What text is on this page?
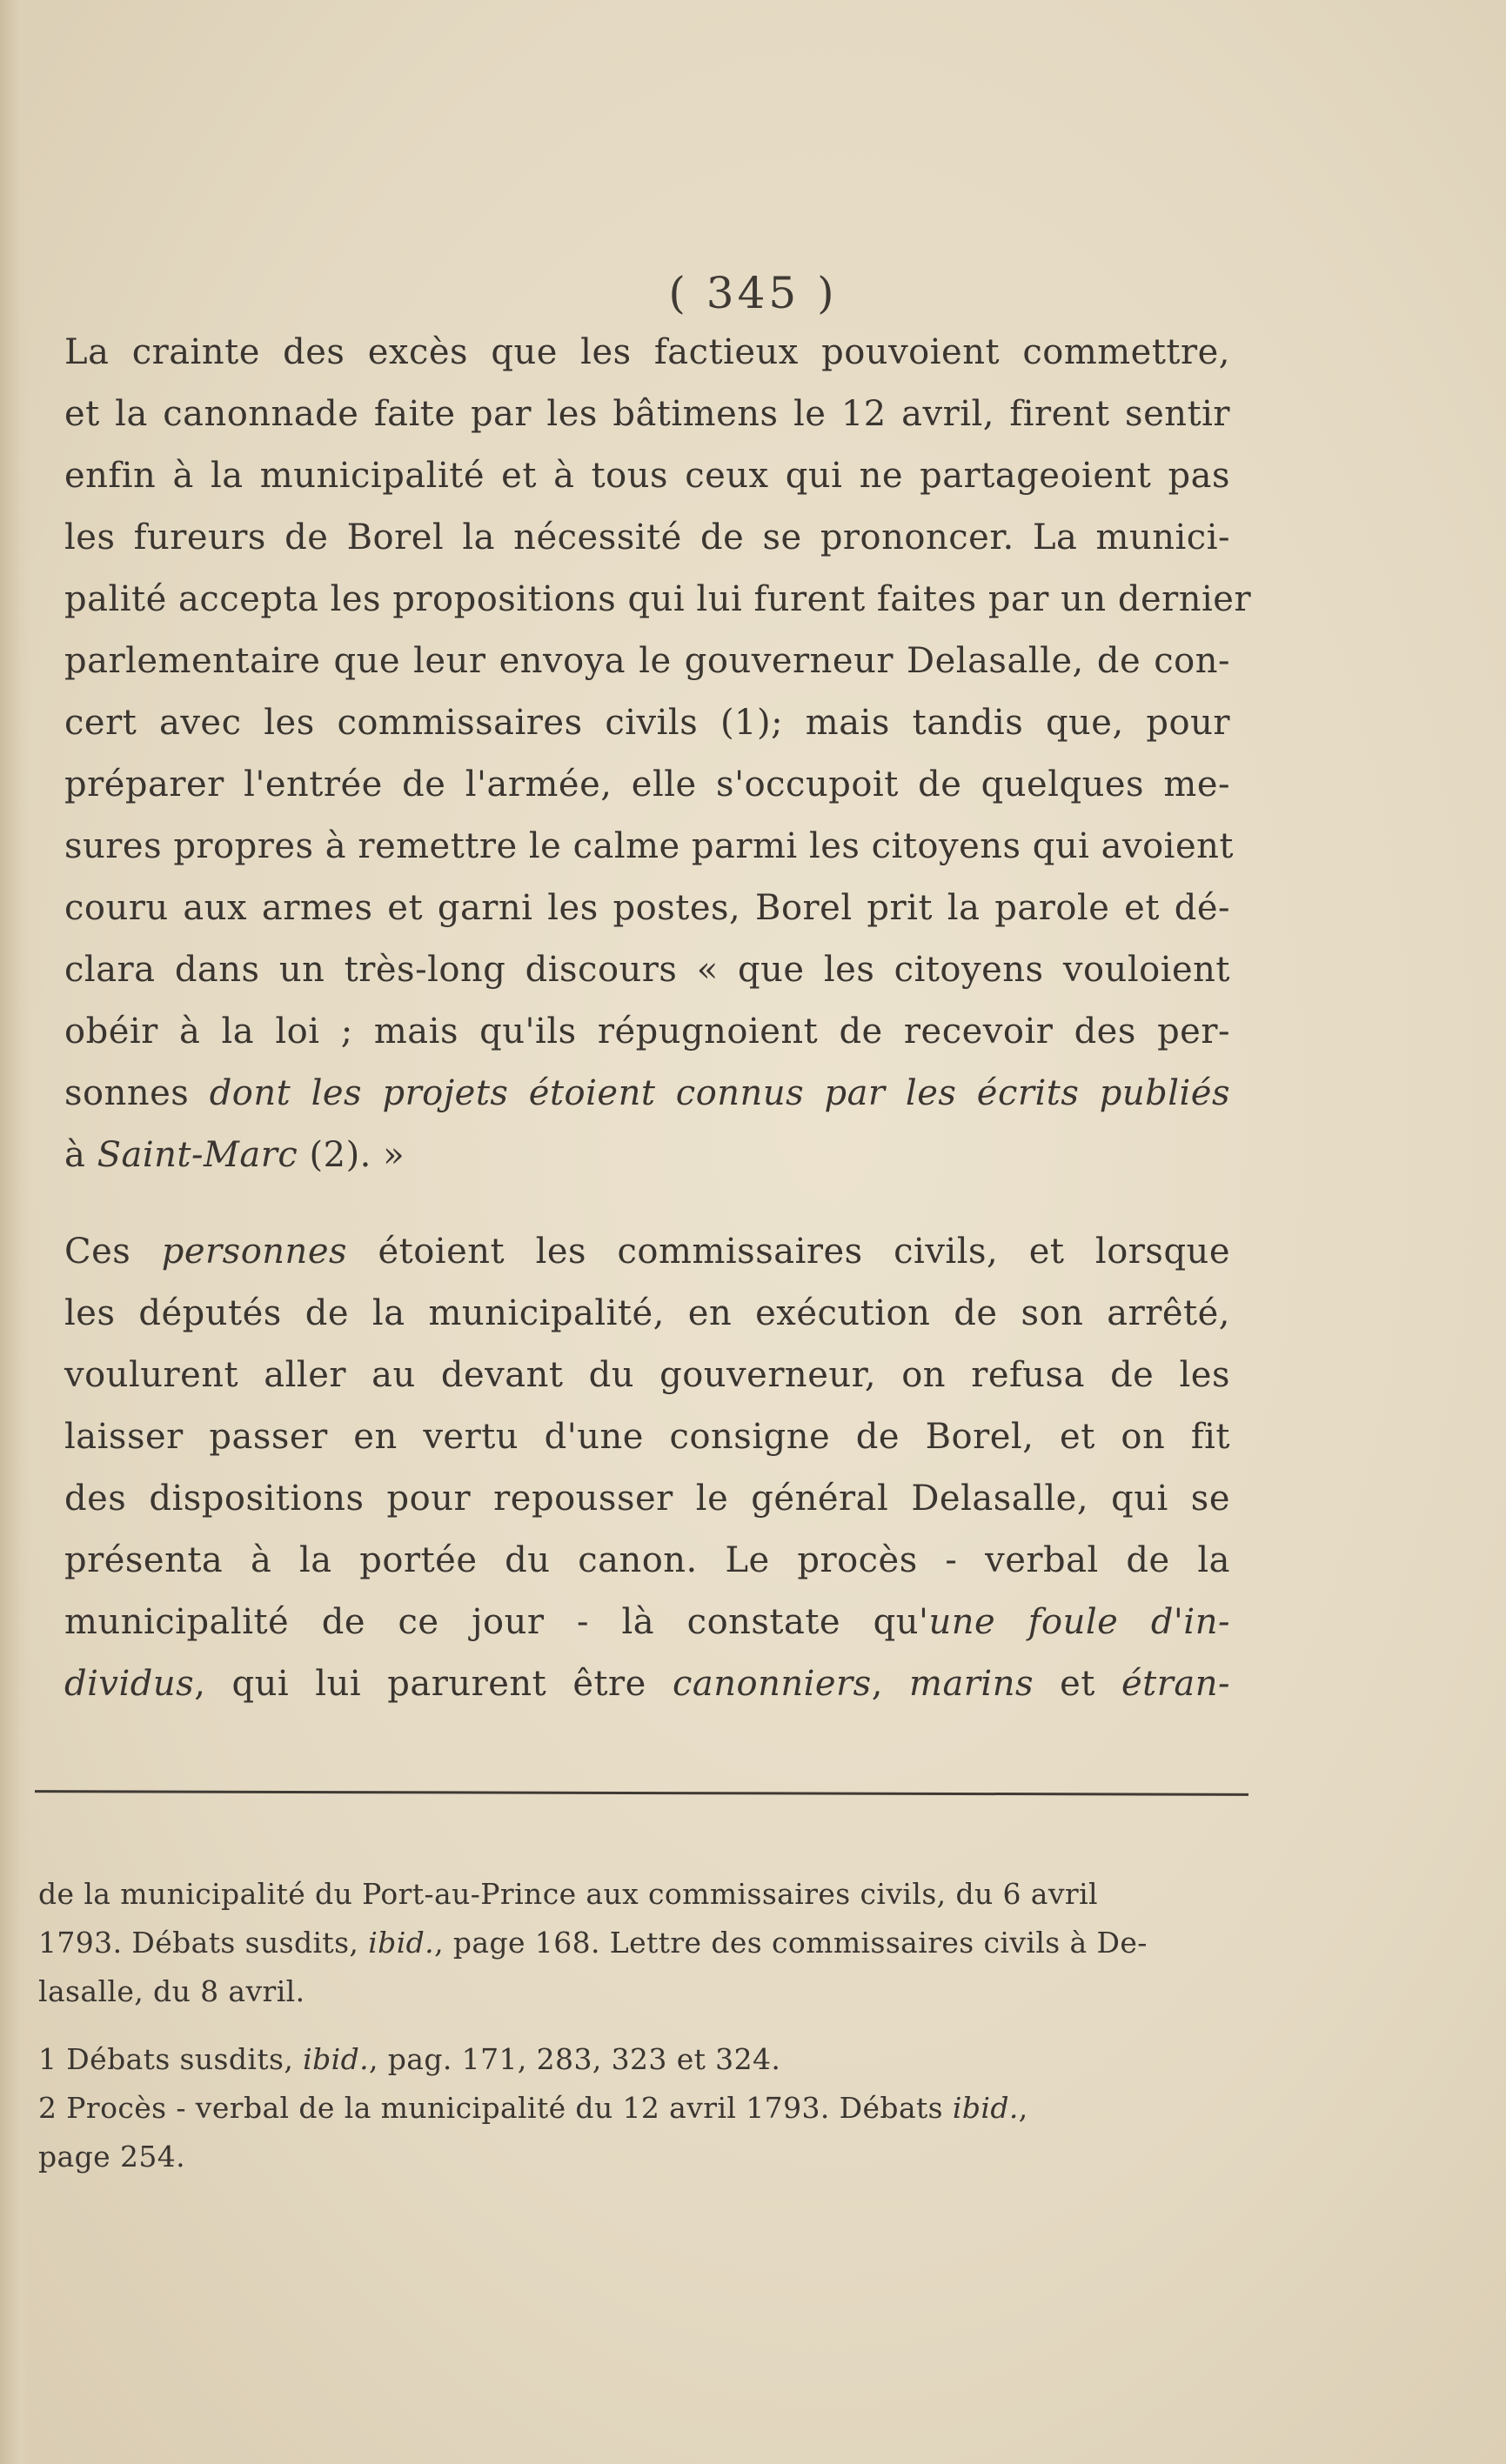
( 345 )
La crainte des excès que les factieux pouvoient commettre,
et la canonnade faite par les bâtimens le 12 avril, firent sentir
enfin à la municipalité et à tous ceux qui ne partageoient pas
les fureurs de Borel la nécessité de se prononcer. La munici-
palité accepta les propositions qui lui furent faites par un dernier
parlementaire que leur envoya le gouverneur Delasalle, de con-
cert avec les commissaires civils (1); mais tandis que, pour
préparer l'entrée de l'armée, elle s'occupoit de quelques me-
sures propres à remettre le calme parmi les citoyens qui avoient
couru aux armes et garni les postes, Borel prit la parole et dé-
clara dans un très-long discours « que les citoyens vouloient
obéir à la loi ; mais qu'ils répugnoient de recevoir des per-
sonnes dont les projets étoient connus par les écrits publiés
à Saint-Marc (2). »
Ces personnes étoient les commissaires civils, et lorsque
les députés de la municipalité, en exécution de son arrêté,
voulurent aller au devant du gouverneur, on refusa de les
laisser passer en vertu d'une consigne de Borel, et on fit
des dispositions pour repousser le général Delasalle, qui se
présenta à la portée du canon. Le procès - verbal de la
municipalité de ce jour - là constate qu'une foule d'in-
dividus, qui lui parurent être canonniers, marins et étran-
de la municipalité du Port-au-Prince aux commissaires civils, du 6 avril
1793. Débats susdits, ibid., page 168. Lettre des commissaires civils à De-
lasalle, du 8 avril.
1 Débats susdits, ibid., pag. 171, 283, 323 et 324.
2 Procès - verbal de la municipalité du 12 avril 1793. Débats ibid.,
page 254.
